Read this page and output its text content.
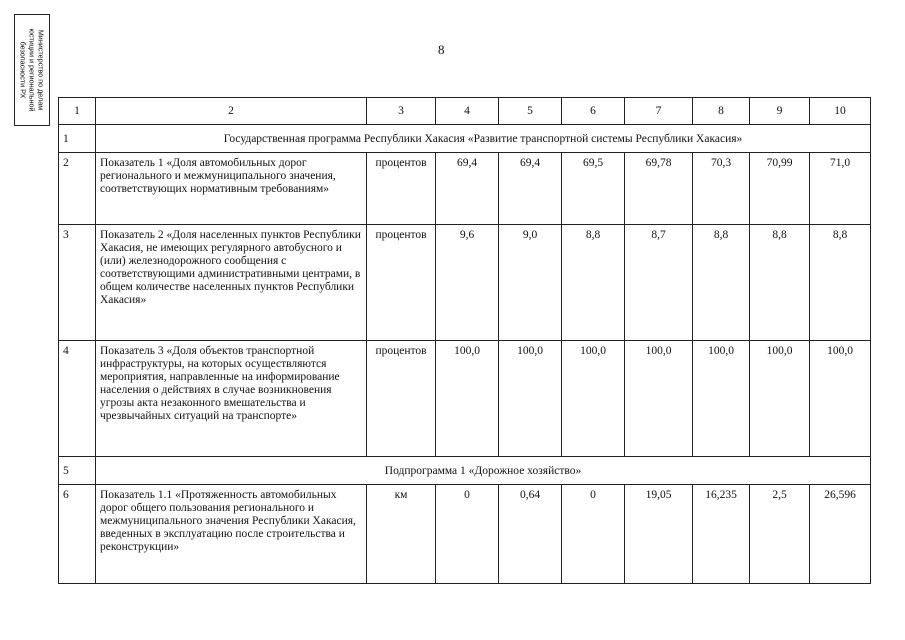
Министерство по делам
юстиции и региональной
безопасности РХ
8
1	2	3	4	5	6	7	8	9	10
1	Государственная программа Республики Хакасия «Развитие транспортной системы Республики Хакасия»								
2	Показатель 1 «Доля автомобильных дорог регионального и межмуниципального значения, соответствующих нормативным требованиям»	процентов	69,4	69,4	69,5	69,78	70,3	70,99	71,0
3	Показатель 2 «Доля населенных пунктов Республики Хакасия, не имеющих регулярного автобусного и (или) железнодорожного сообщения с соответствующими административными центрами, в общем количестве населенных пунктов Республики Хакасия»	процентов	9,6	9,0	8,8	8,7	8,8	8,8	8,8
4	Показатель 3 «Доля объектов транспортной инфраструктуры, на которых осуществляются мероприятия, направленные на информирование населения о действиях в случае возникновения угрозы акта незаконного вмешательства и чрезвычайных ситуаций на транспорте»	процентов	100,0	100,0	100,0	100,0	100,0	100,0	100,0
5	Подпрограмма 1 «Дорожное хозяйство»								
6	Показатель 1.1 «Протяженность автомобильных дорог общего пользования регионального и межмуниципального значения Республики Хакасия, введенных в эксплуатацию после строительства и реконструкции»	км	0	0,64	0	19,05	16,235	2,5	26,596
